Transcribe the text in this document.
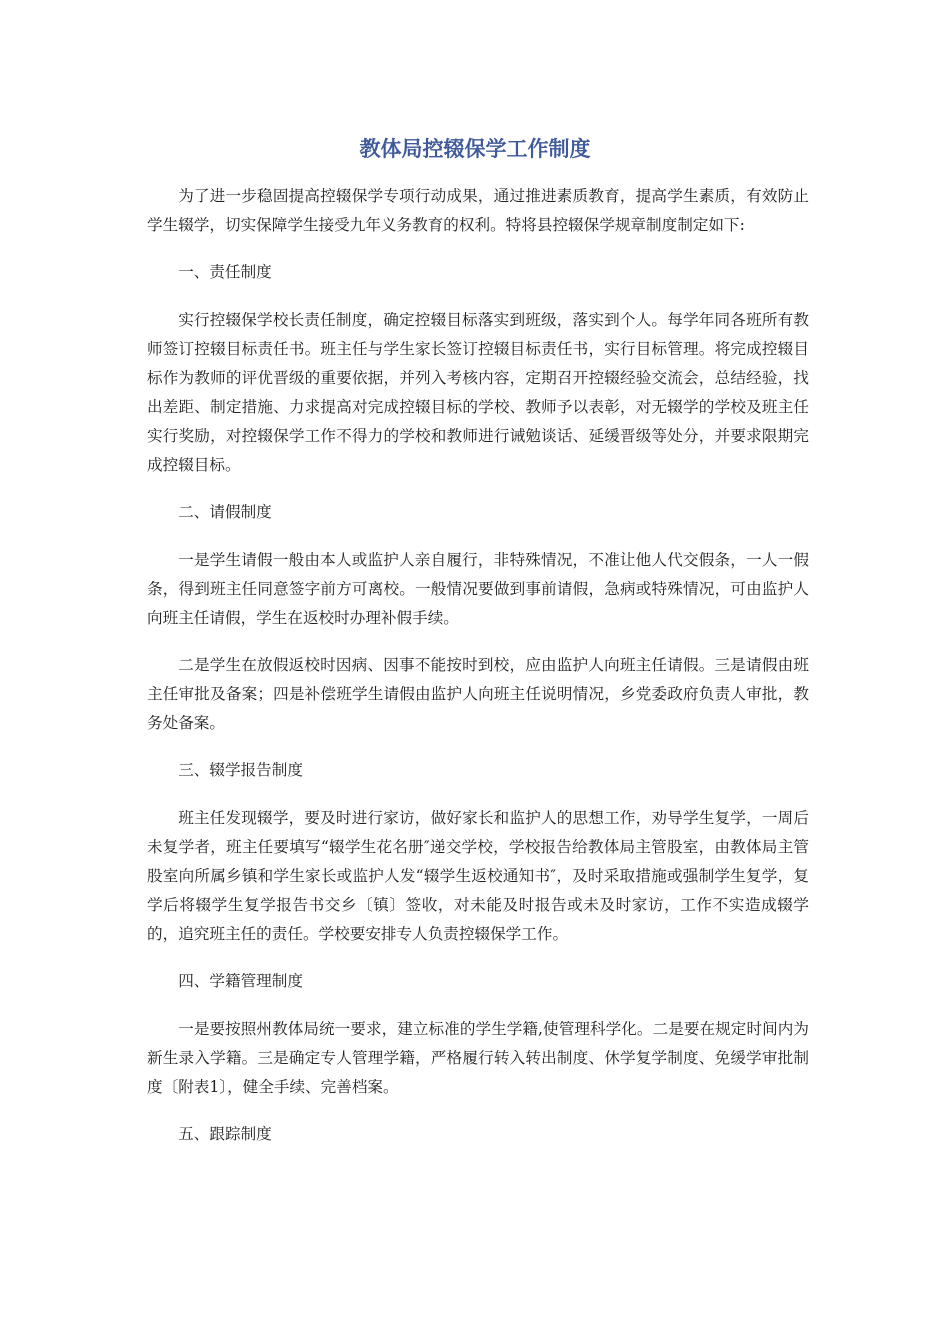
教体局控辍保学工作制度

为了进一步稳固提高控辍保学专项行动成果，通过推进素质教育，提高学生素质，有效防止学生辍学，切实保障学生接受九年义务教育的权利。特将县控辍保学规章制度制定如下:

一、责任制度

实行控辍保学校长责任制度，确定控辍目标落实到班级，落实到个人。每学年同各班所有教师签订控辍目标责任书。班主任与学生家长签订控辍目标责任书，实行目标管理。将完成控辍目标作为教师的评优晋级的重要依据，并列入考核内容，定期召开控辍经验交流会，总结经验，找出差距、制定措施、力求提高对完成控辍目标的学校、教师予以表彰，对无辍学的学校及班主任实行奖励，对控辍保学工作不得力的学校和教师进行诫勉谈话、延缓晋级等处分，并要求限期完成控辍目标。

二、请假制度

一是学生请假一般由本人或监护人亲自履行，非特殊情况，不准让他人代交假条，一人一假条，得到班主任同意签字前方可离校。一般情况要做到事前请假，急病或特殊情况，可由监护人向班主任请假，学生在返校时办理补假手续。

二是学生在放假返校时因病、因事不能按时到校，应由监护人向班主任请假。三是请假由班主任审批及备案；四是补偿班学生请假由监护人向班主任说明情况，乡党委政府负责人审批，教务处备案。

三、辍学报告制度

班主任发现辍学，要及时进行家访，做好家长和监护人的思想工作，劝导学生复学，一周后未复学者，班主任要填写“辍学生花名册″递交学校，学校报告给教体局主管股室，由教体局主管股室向所属乡镇和学生家长或监护人发“辍学生返校通知书″，及时采取措施或强制学生复学，复学后将辍学生复学报告书交乡〔镇〕签收，对未能及时报告或未及时家访，工作不实造成辍学的，追究班主任的责任。学校要安排专人负责控辍保学工作。

四、学籍管理制度

一是要按照州教体局统一要求，建立标准的学生学籍,使管理科学化。二是要在规定时间内为新生录入学籍。三是确定专人管理学籍，严格履行转入转出制度、休学复学制度、免缓学审批制度〔附表1〕，健全手续、完善档案。

五、跟踪制度
